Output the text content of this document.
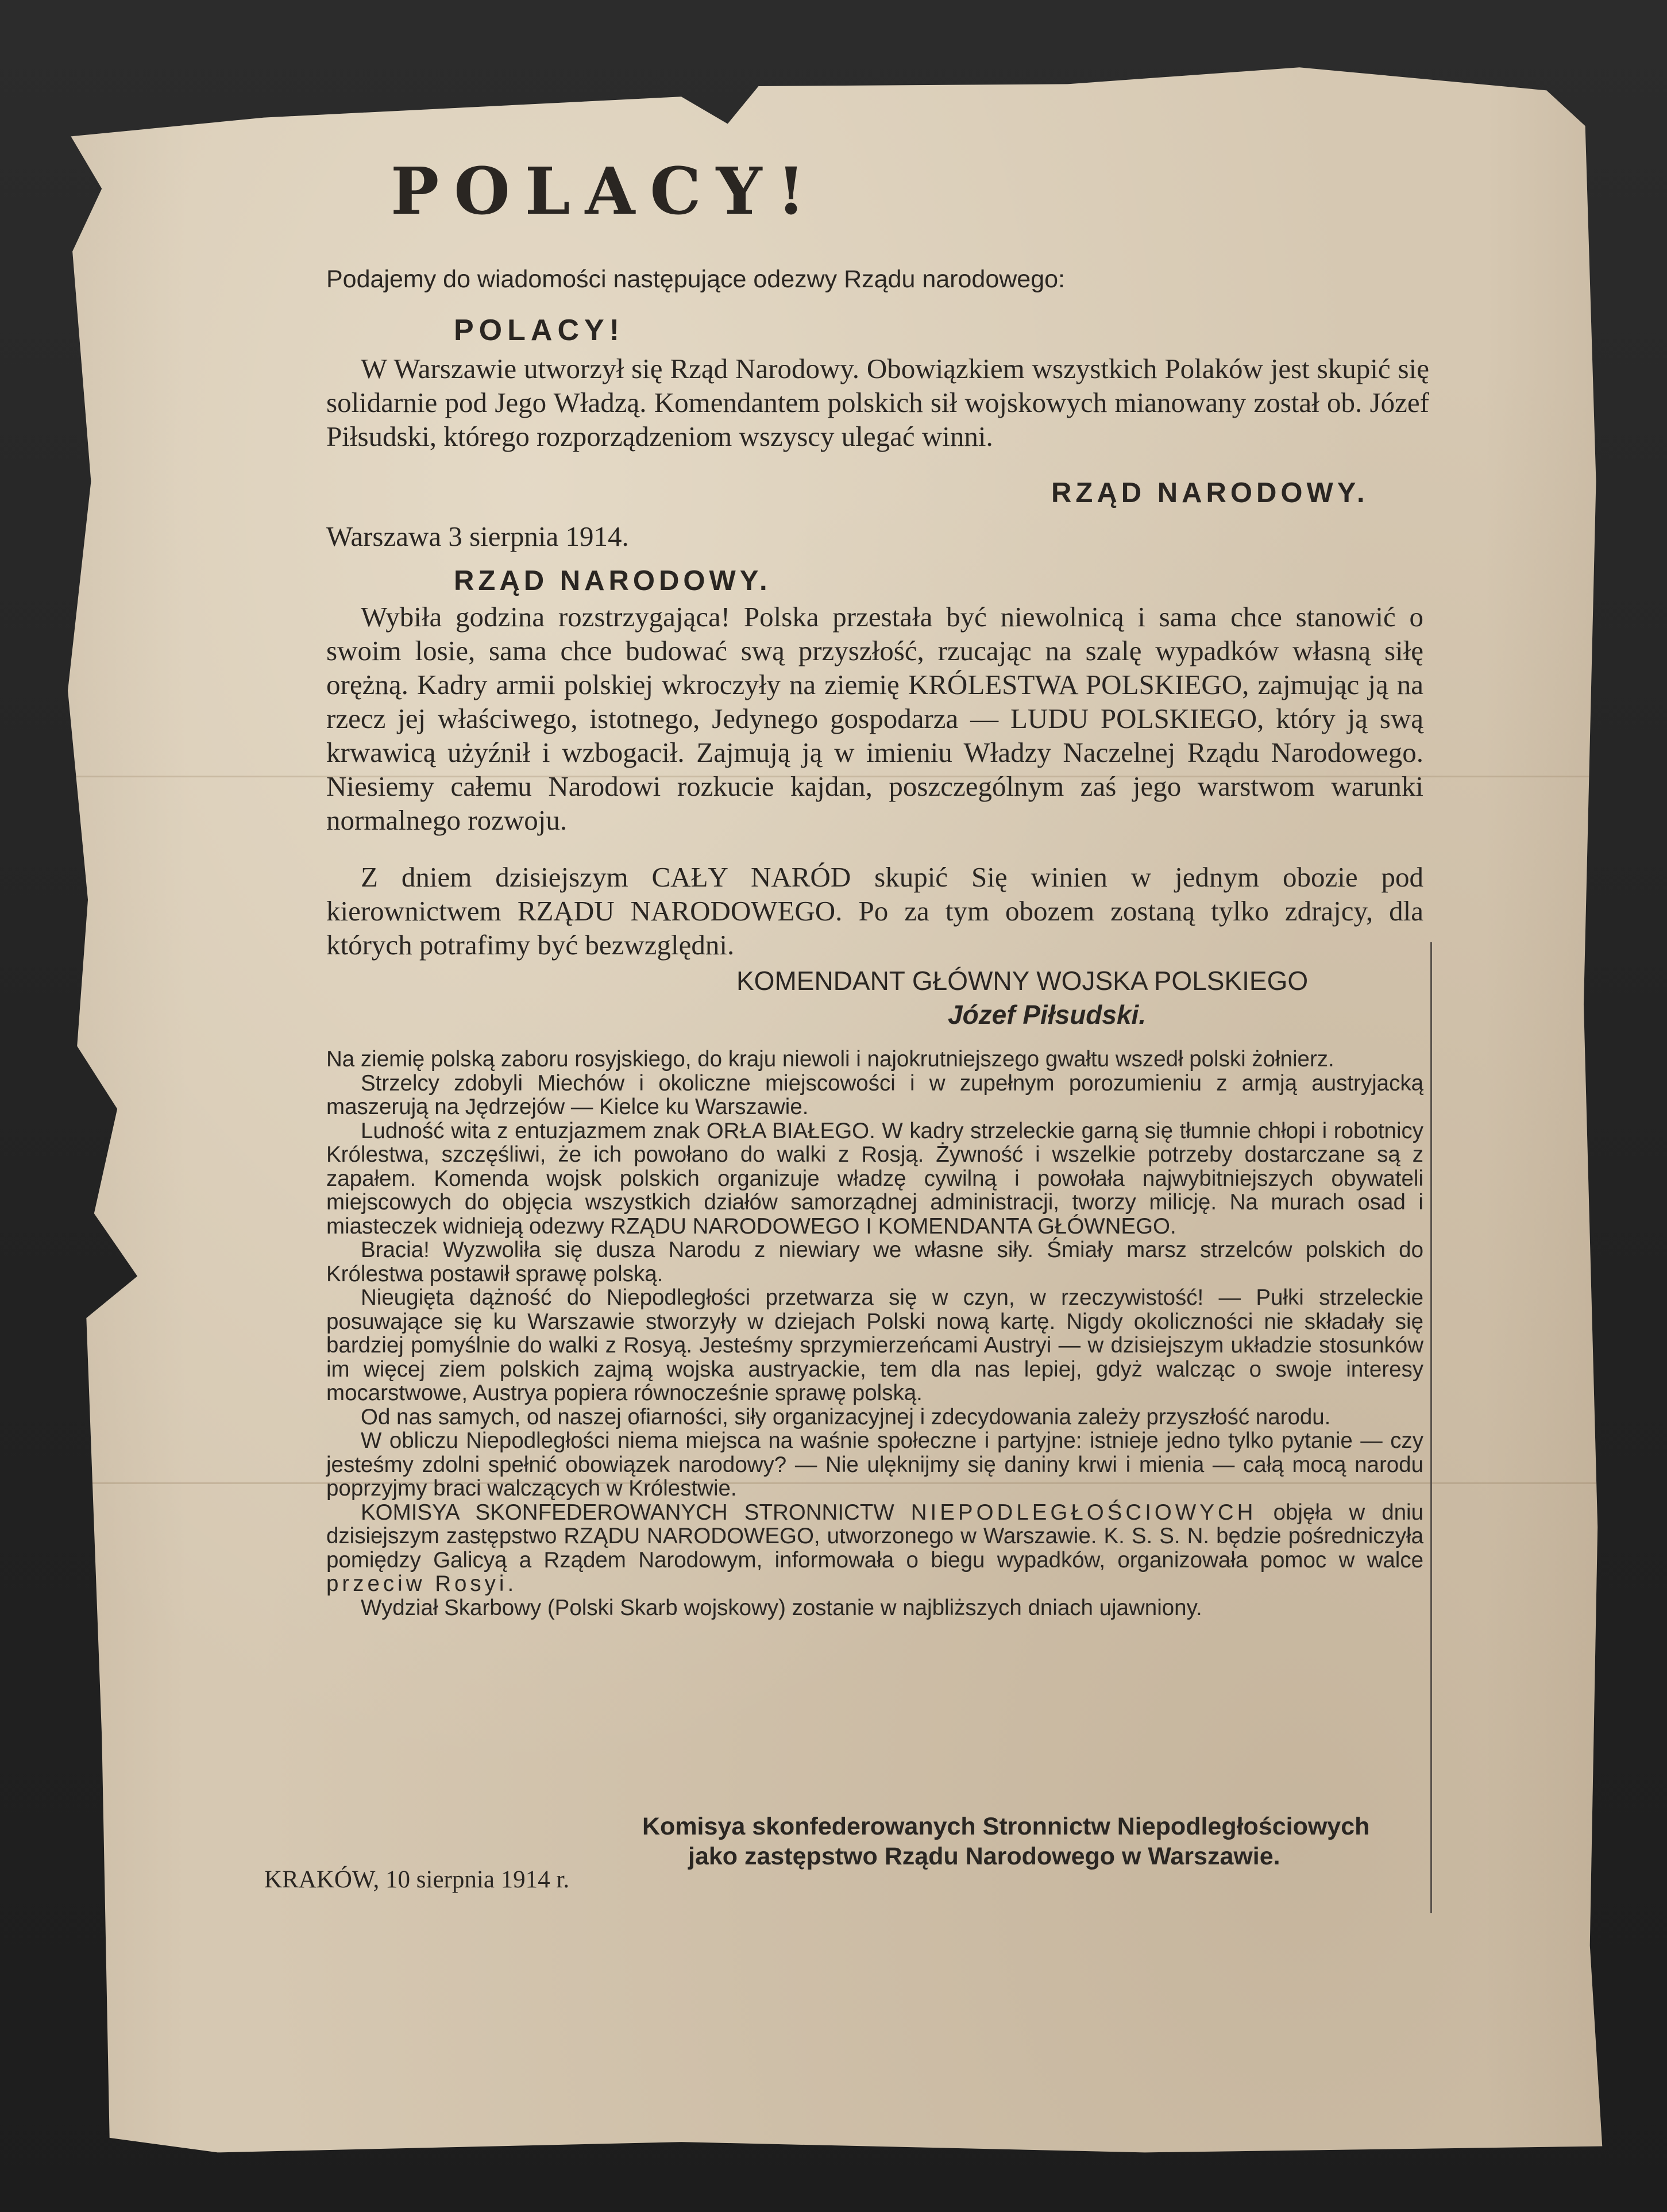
POLACY!
Podajemy do wiadomości następujące odezwy Rządu narodowego:
POLACY!

W Warszawie utworzył się Rząd Narodowy. Obowiązkiem wszystkich Polaków jest skupić się solidarnie pod Jego Władzą. Komendantem polskich sił wojskowych mianowany został ob. Józef Piłsudski, którego rozporządzeniom wszyscy ulegać winni.

RZĄD NARODOWY.
Warszawa 3 sierpnia 1914.
RZĄD NARODOWY.

Wybiła godzina rozstrzygająca! Polska przestała być niewolnicą i sama chce stanowić o swoim losie, sama chce budować swą przyszłość, rzucając na szalę wypadków własną siłę orężną. Kadry armii polskiej wkroczyły na ziemię KRÓLESTWA POLSKIEGO, zajmując ją na rzecz jej właściwego, istotnego, Jedynego gospodarza — LUDU POLSKIEGO, który ją swą krwawicą użyźnił i wzbogacił. Zajmują ją w imieniu Władzy Naczelnej Rządu Narodowego. Niesiemy całemu Narodowi rozkucie kajdan, poszczególnym zaś jego warstwom warunki normalnego rozwoju.

Z dniem dzisiejszym CAŁY NARÓD skupić Się winien w jednym obozie pod kierownictwem RZĄDU NARODOWEGO. Po za tym obozem zostaną tylko zdrajcy, dla których potrafimy być bezwzględni.

KOMENDANT GŁÓWNY WOJSKA POLSKIEGO
Józef Piłsudski.

Na ziemię polską zaboru rosyjskiego, do kraju niewoli i najokrutniejszego gwałtu wszedł polski żołnierz.

Strzelcy zdobyli Miechów i okoliczne miejscowości i w zupełnym porozumieniu z armją austryjacką maszerują na Jędrzejów — Kielce ku Warszawie.

Ludność wita z entuzjazmem znak ORŁA BIAŁEGO. W kadry strzeleckie garną się tłumnie chłopi i robotnicy Królestwa, szczęśliwi, że ich powołano do walki z Rosją. Żywność i wszelkie potrzeby dostarczane są z zapałem. Komenda wojsk polskich organizuje władzę cywilną i powołała najwybitniejszych obywateli miejscowych do objęcia wszystkich działów samorządnej administracji, tworzy milicję. Na murach osad i miasteczek widnieją odezwy RZĄDU NARODOWEGO I KOMENDANTA GŁÓWNEGO.

Bracia! Wyzwoliła się dusza Narodu z niewiary we własne siły. Śmiały marsz strzelców polskich do Królestwa postawił sprawę polską.

Nieugięta dążność do Niepodległości przetwarza się w czyn, w rzeczywistość! — Pułki strzeleckie posuwające się ku Warszawie stworzyły w dziejach Polski nową kartę. Nigdy okoliczności nie składały się bardziej pomyślnie do walki z Rosyą. Jesteśmy sprzymierzeńcami Austryi — w dzisiejszym układzie stosunków im więcej ziem polskich zajmą wojska austryackie, tem dla nas lepiej, gdyż walcząc o swoje interesy mocarstwowe, Austrya popiera równocześnie sprawę polską.

Od nas samych, od naszej ofiarności, siły organizacyjnej i zdecydowania zależy przyszłość narodu.

W obliczu Niepodległości niema miejsca na waśnie społeczne i partyjne: istnieje jedno tylko pytanie — czy jesteśmy zdolni spełnić obowiązek narodowy? — Nie ulęknijmy się daniny krwi i mienia — całą mocą narodu poprzyjmy braci walczących w Królestwie.

KOMISYA SKONFEDEROWANYCH STRONNICTW NIEPODLEGŁOŚCIOWYCH objęła w dniu dzisiejszym zastępstwo RZĄDU NARODOWEGO, utworzonego w Warszawie. K. S. S. N. będzie pośredniczyła pomiędzy Galicyą a Rządem Narodowym, informowała o biegu wypadków, organizowała pomoc w walce przeciw Rosyi.

Wydział Skarbowy (Polski Skarb wojskowy) zostanie w najbliższych dniach ujawniony.

Komisya skonfederowanych Stronnictw Niepodległościowych
jako zastępstwo Rządu Narodowego w Warszawie.
KRAKÓW, 10 sierpnia 1914 r.
